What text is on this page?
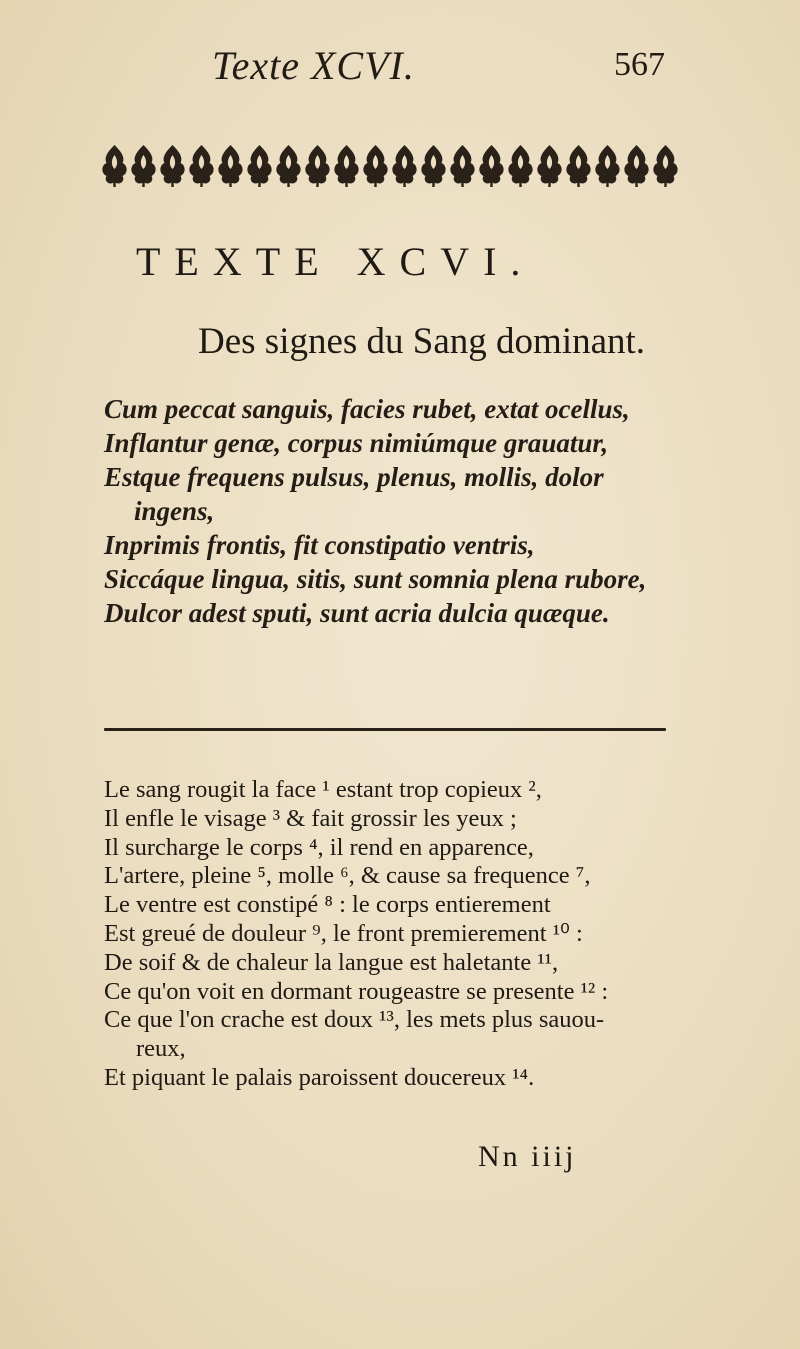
Texte XCVI.	567
TEXTE XCVI.
Des signes du Sang dominant.
Cum peccat sanguis, facies rubet, extat ocellus,
Inflantur genæ, corpus nimiúmque grauatur,
Estque frequens pulsus, plenus, mollis, dolor
ingens,
Inprimis frontis, fit constipatio ventris,
Siccáque lingua, sitis, sunt somnia plena rubore,
Dulcor adest sputi, sunt acria dulcia quæque.
Le sang rougit la face ¹ estant trop copieux ²,
Il enfle le visage ³ & fait grossir les yeux ;
Il surcharge le corps ⁴, il rend en apparence,
L'artere, pleine ⁵, molle ⁶, & cause sa frequence ⁷,
Le ventre est constipé ⁸ : le corps entierement
Est greué de douleur ⁹, le front premierement ¹⁰ :
De soif & de chaleur la langue est haletante ¹¹,
Ce qu'on voit en dormant rougeastre se presente ¹² :
Ce que l'on crache est doux ¹³, les mets plus sauou-
reux,
Et piquant le palais paroissent doucereux ¹⁴.
Nn iiij
